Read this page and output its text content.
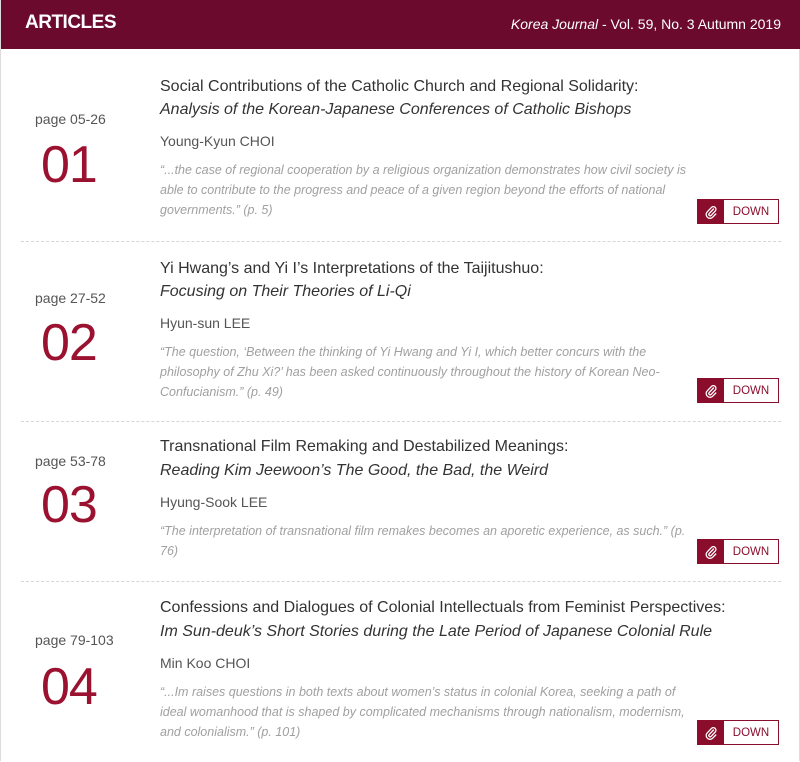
ARTICLES	Korea Journal - Vol. 59, No. 3 Autumn 2019
page 05-26
01
Social Contributions of the Catholic Church and Regional Solidarity:
Analysis of the Korean-Japanese Conferences of Catholic Bishops
Young-Kyun CHOI
“...the case of regional cooperation by a religious organization demonstrates how civil society is able to contribute to the progress and peace of a given region beyond the efforts of national governments.” (p. 5)	DOWN
page 27-52
02
Yi Hwang’s and Yi I’s Interpretations of the Taijitushuo:
Focusing on Their Theories of Li-Qi
Hyun-sun LEE
“The question, ‘Between the thinking of Yi Hwang and Yi I, which better concurs with the philosophy of Zhu Xi?’ has been asked continuously throughout the history of Korean Neo-Confucianism.” (p. 49)	DOWN
page 53-78
03
Transnational Film Remaking and Destabilized Meanings:
Reading Kim Jeewoon’s The Good, the Bad, the Weird
Hyung-Sook LEE
“The interpretation of transnational film remakes becomes an aporetic experience, as such.” (p. 76)	DOWN
page 79-103
04
Confessions and Dialogues of Colonial Intellectuals from Feminist Perspectives:
Im Sun-deuk’s Short Stories during the Late Period of Japanese Colonial Rule
Min Koo CHOI
“...Im raises questions in both texts about women’s status in colonial Korea, seeking a path of ideal womanhood that is shaped by complicated mechanisms through nationalism, modernism, and colonialism.” (p. 101)	DOWN
